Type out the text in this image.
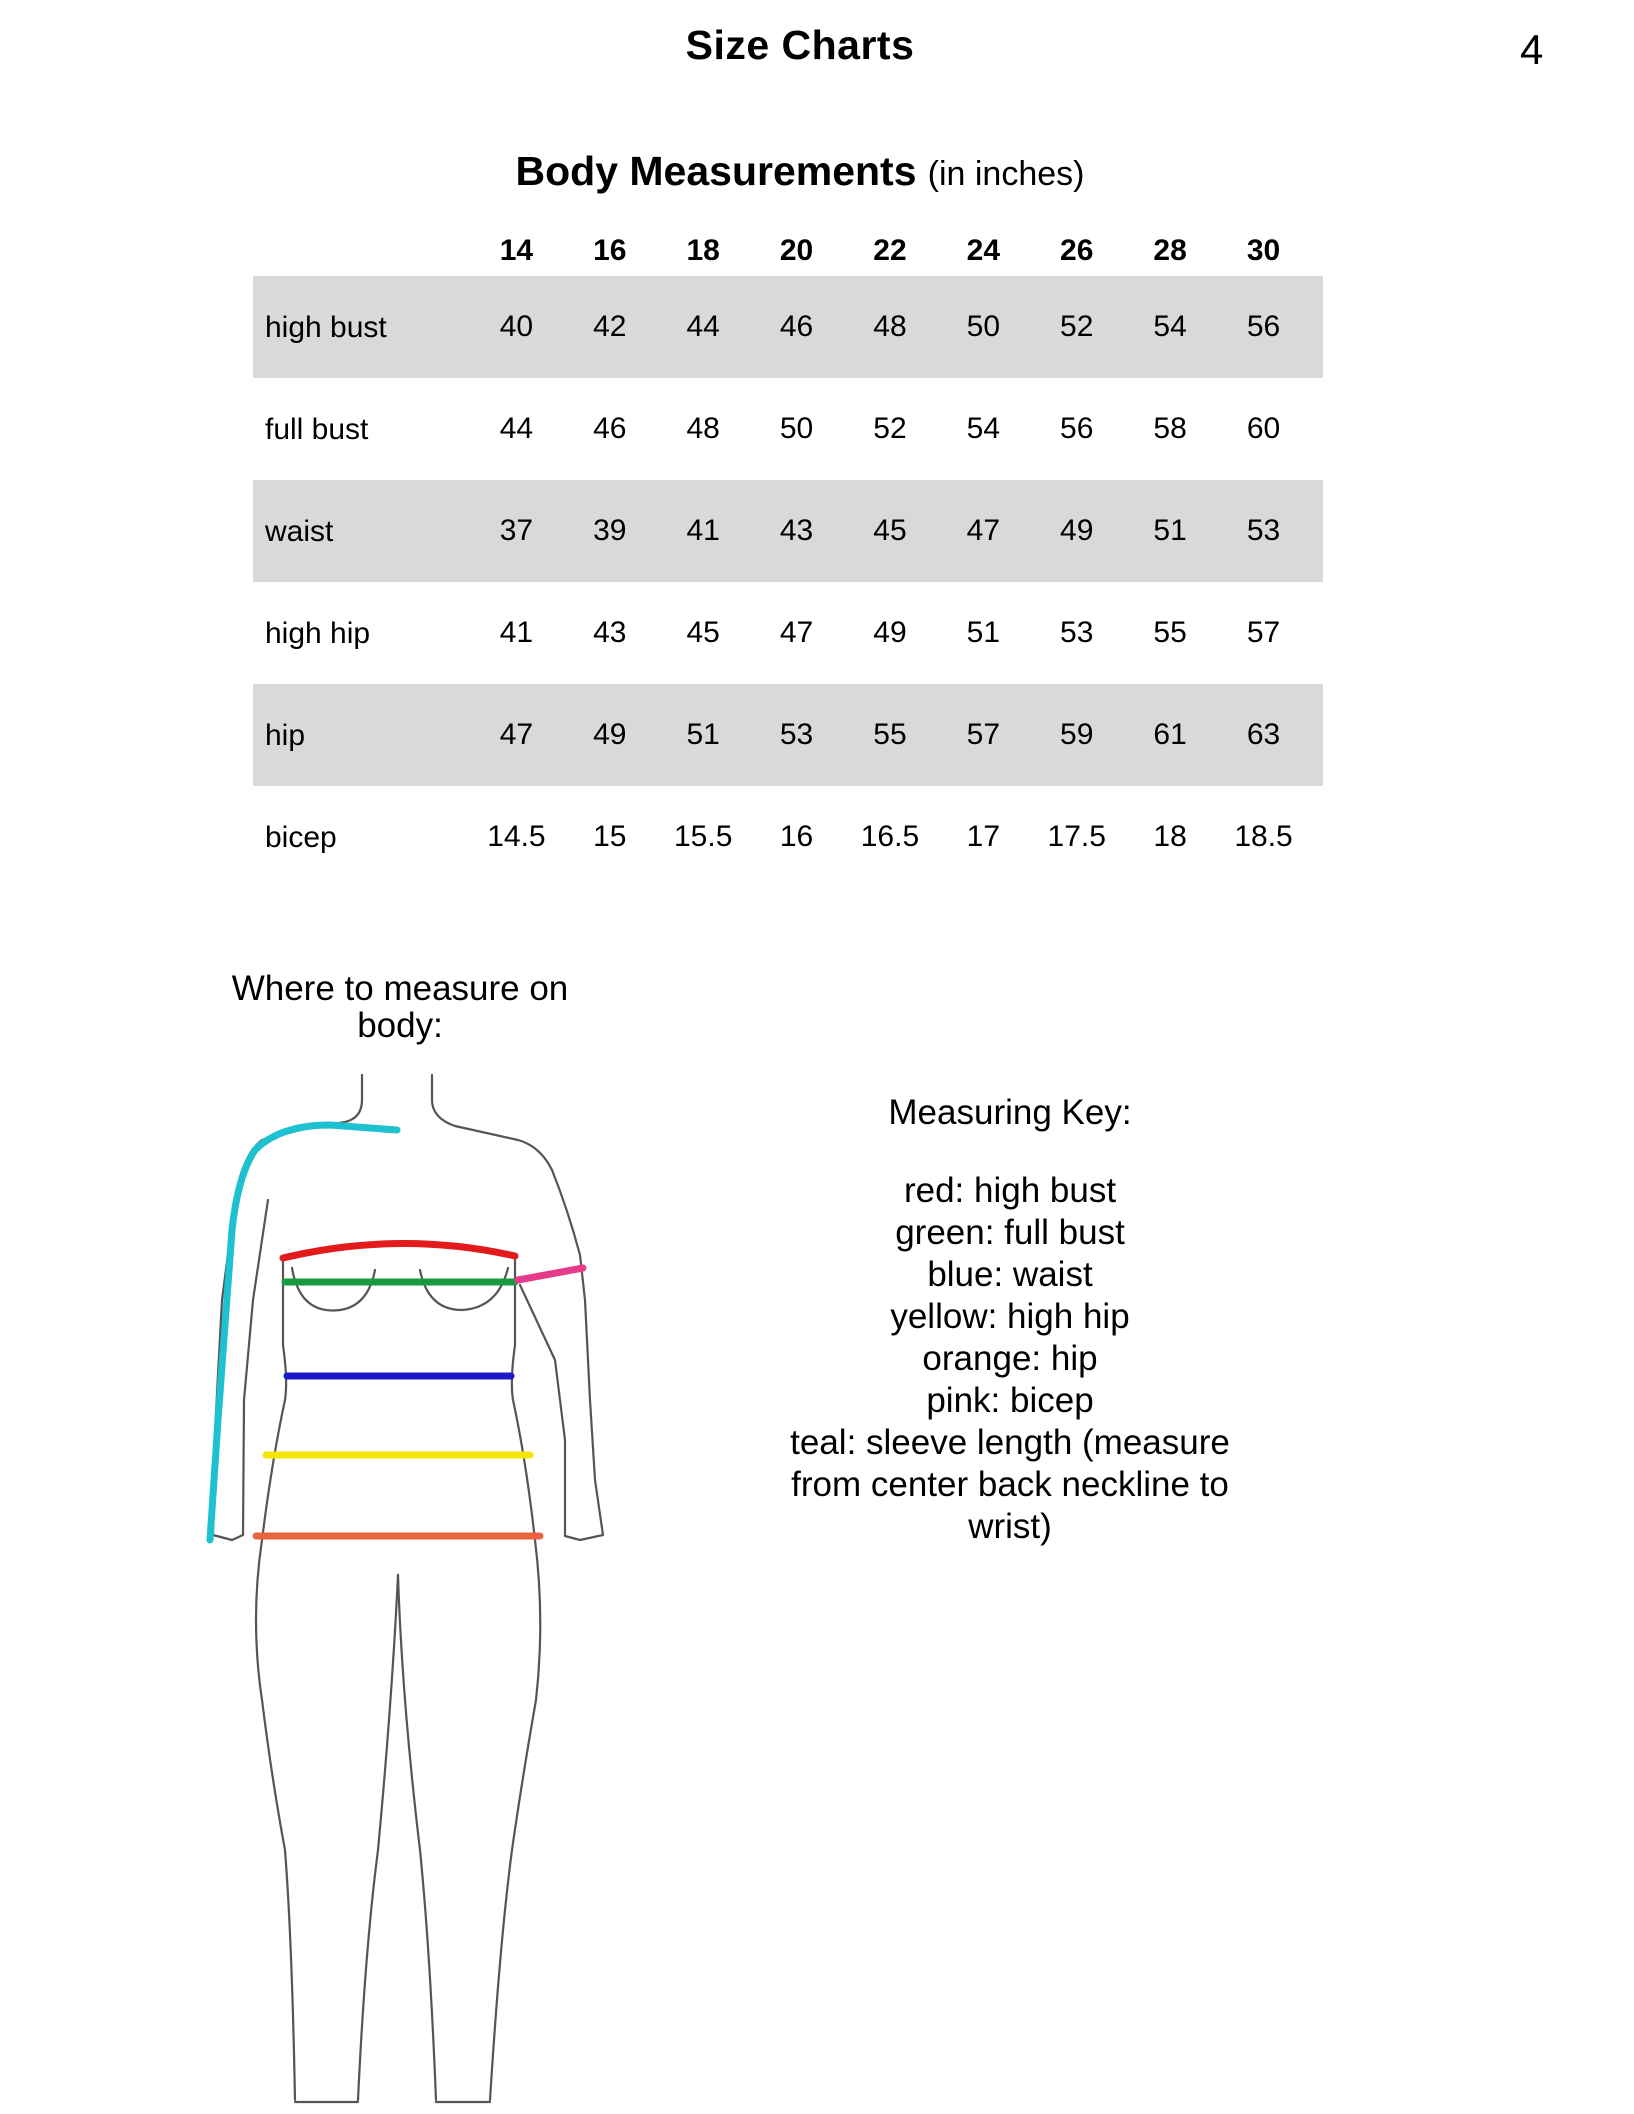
Size Charts	4
Body Measurements (in inches)
	14	16	18	20	22	24	26	28	30
high bust	40	42	44	46	48	50	52	54	56
full bust	44	46	48	50	52	54	56	58	60
waist	37	39	41	43	45	47	49	51	53
high hip	41	43	45	47	49	51	53	55	57
hip	47	49	51	53	55	57	59	61	63
bicep	14.5	15	15.5	16	16.5	17	17.5	18	18.5
Where to measure on body:
Measuring Key:
red: high bust
green: full bust
blue: waist
yellow: high hip
orange: hip
pink: bicep
teal: sleeve length (measure from center back neckline to wrist)
